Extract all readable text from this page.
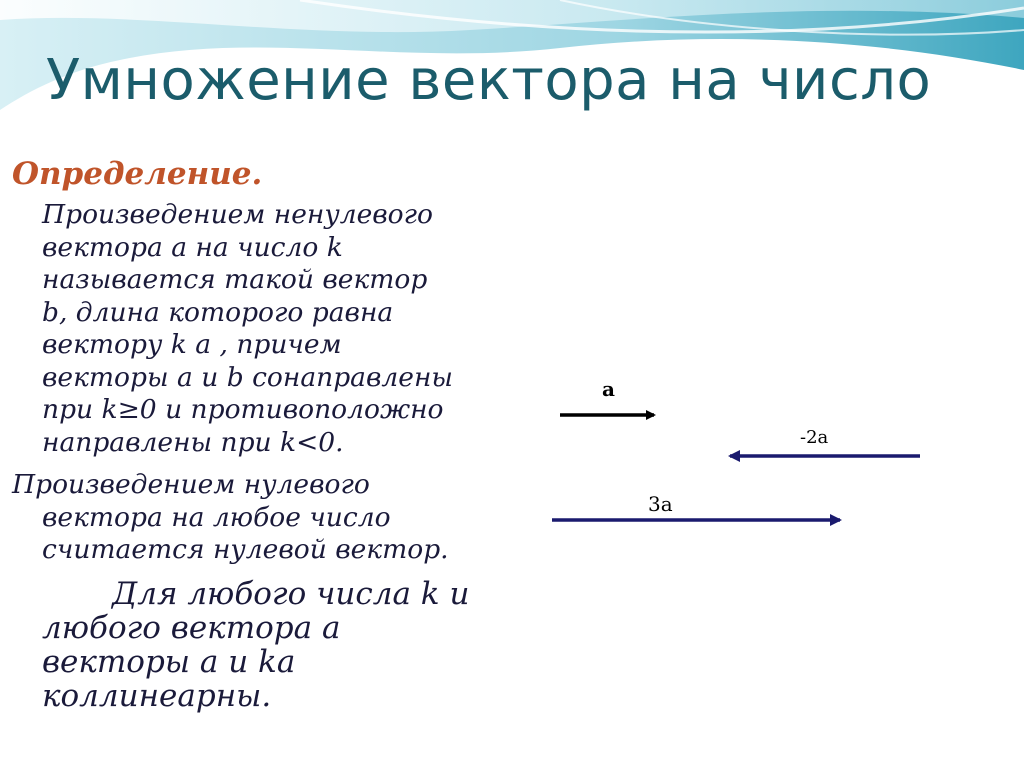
Умножение вектора на число
Определение.
Произведением ненулевого
вектора a на число k
называется такой вектор
b, длина которого равна
вектору k a , причем
векторы a и b сонаправлены
при k≥0 и противоположно
направлены при k<0.
Произведением нулевого
вектора на любое число
считается нулевой вектор.
Для любого числа k и
любого вектора a
векторы a и ka
коллинеарны.
a
-2a
3a
